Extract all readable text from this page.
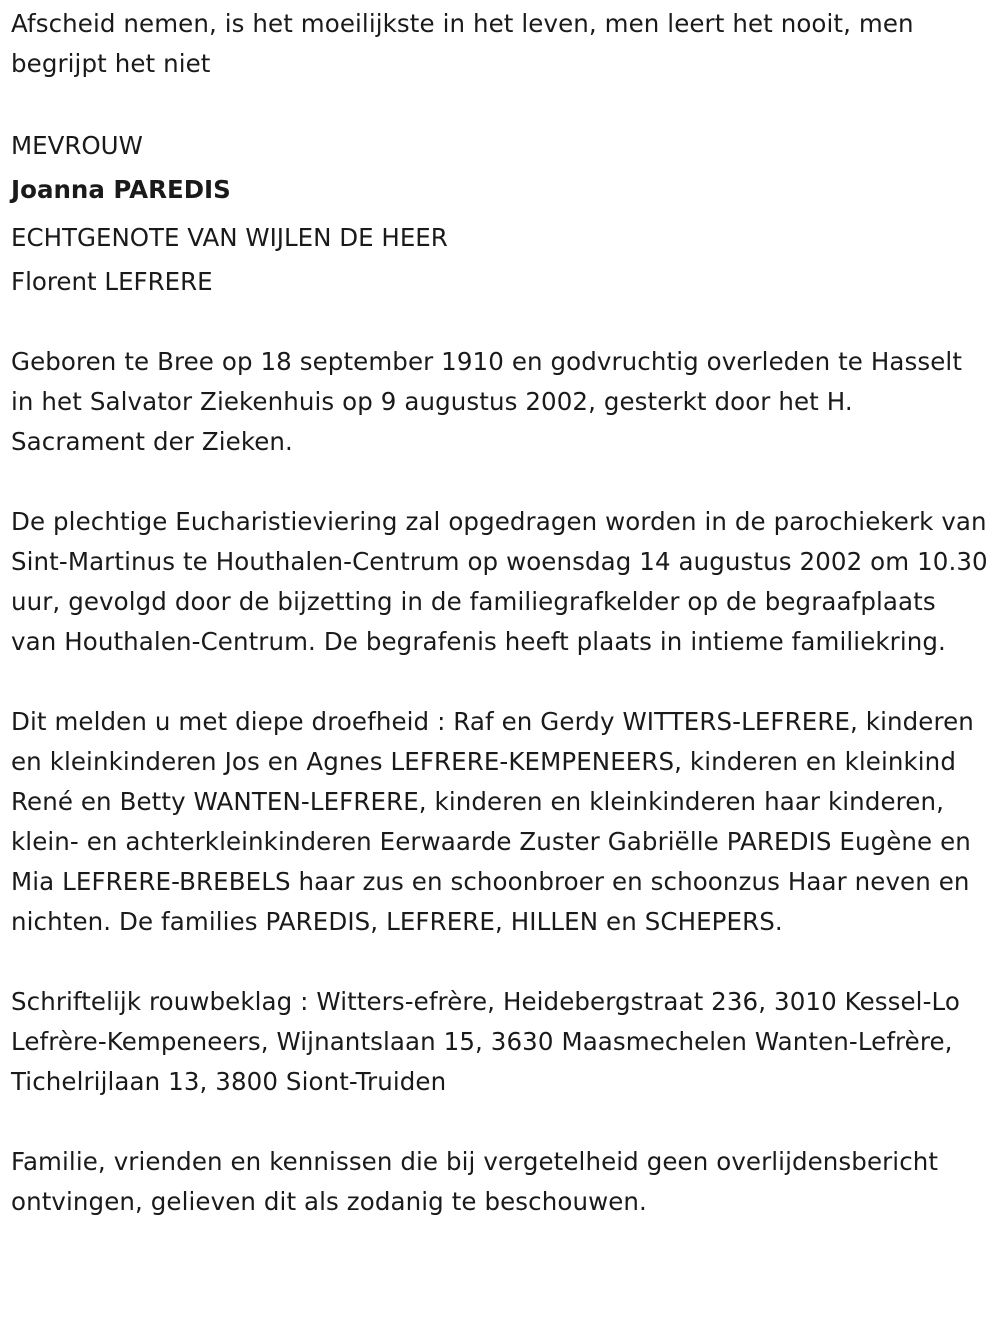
Afscheid nemen, is het moeilijkste in het leven, men leert het nooit, men begrijpt het niet

MEVROUW
Joanna PAREDIS
ECHTGENOTE VAN WIJLEN DE HEER
Florent LEFRERE

Geboren te Bree op 18 september 1910 en godvruchtig overleden te Hasselt in het Salvator Ziekenhuis op 9 augustus 2002, gesterkt door het H. Sacrament der Zieken.

De plechtige Eucharistieviering zal opgedragen worden in de parochiekerk van Sint-Martinus te Houthalen-Centrum op woensdag 14 augustus 2002 om 10.30 uur, gevolgd door de bijzetting in de familiegrafkelder op de begraafplaats van Houthalen-Centrum. De begrafenis heeft plaats in intieme familiekring.

Dit melden u met diepe droefheid : Raf en Gerdy WITTERS-LEFRERE, kinderen en kleinkinderen Jos en Agnes LEFRERE-KEMPENEERS, kinderen en kleinkind René en Betty WANTEN-LEFRERE, kinderen en kleinkinderen haar kinderen, klein- en achterkleinkinderen Eerwaarde Zuster Gabriëlle PAREDIS Eugène en Mia LEFRERE-BREBELS haar zus en schoonbroer en schoonzus Haar neven en nichten. De families PAREDIS, LEFRERE, HILLEN en SCHEPERS.

Schriftelijk rouwbeklag : Witters-efrère, Heidebergstraat 236, 3010 Kessel-Lo Lefrère-Kempeneers, Wijnantslaan 15, 3630 Maasmechelen Wanten-Lefrère, Tichelrijlaan 13, 3800 Siont-Truiden

Familie, vrienden en kennissen die bij vergetelheid geen overlijdensbericht ontvingen, gelieven dit als zodanig te beschouwen.
